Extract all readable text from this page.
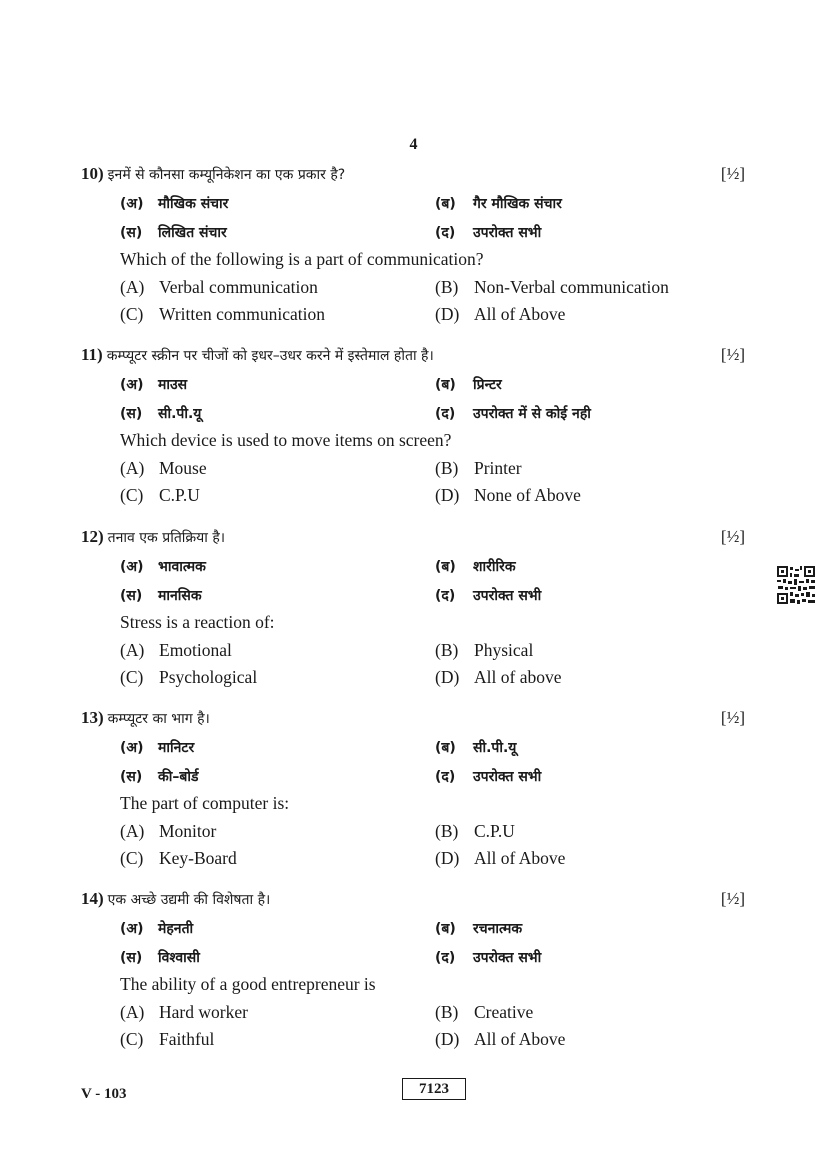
4
10) इनमें से कौनसा कम्यूनिकेशन का एक प्रकार है?	[½]
(अ) मौखिक संचार	(ब) गैर मौखिक संचार
(स) लिखित संचार	(द) उपरोक्त सभी
Which of the following is a part of communication?
(A) Verbal communication	(B) Non-Verbal communication
(C) Written communication	(D) All of Above
11) कम्प्यूटर स्क्रीन पर चीजों को इधर–उधर करने में इस्तेमाल होता है।	[½]
(अ) माउस	(ब) प्रिन्टर
(स) सी.पी.यू	(द) उपरोक्त में से कोई नही
Which device is used to move items on screen?
(A) Mouse	(B) Printer
(C) C.P.U	(D) None of Above
12) तनाव एक प्रतिक्रिया है।	[½]
(अ) भावात्मक	(ब) शारीरिक
(स) मानसिक	(द) उपरोक्त सभी
Stress is a reaction of:
(A) Emotional	(B) Physical
(C) Psychological	(D) All of above
13) कम्प्यूटर का भाग है।	[½]
(अ) मानिटर	(ब) सी.पी.यू
(स) की–बोर्ड	(द) उपरोक्त सभी
The part of computer is:
(A) Monitor	(B) C.P.U
(C) Key-Board	(D) All of Above
14) एक अच्छे उद्यमी की विशेषता है।	[½]
(अ) मेहनती	(ब) रचनात्मक
(स) विश्वासी	(द) उपरोक्त सभी
The ability of a good entrepreneur is
(A) Hard worker	(B) Creative
(C) Faithful	(D) All of Above
V - 103	7123
